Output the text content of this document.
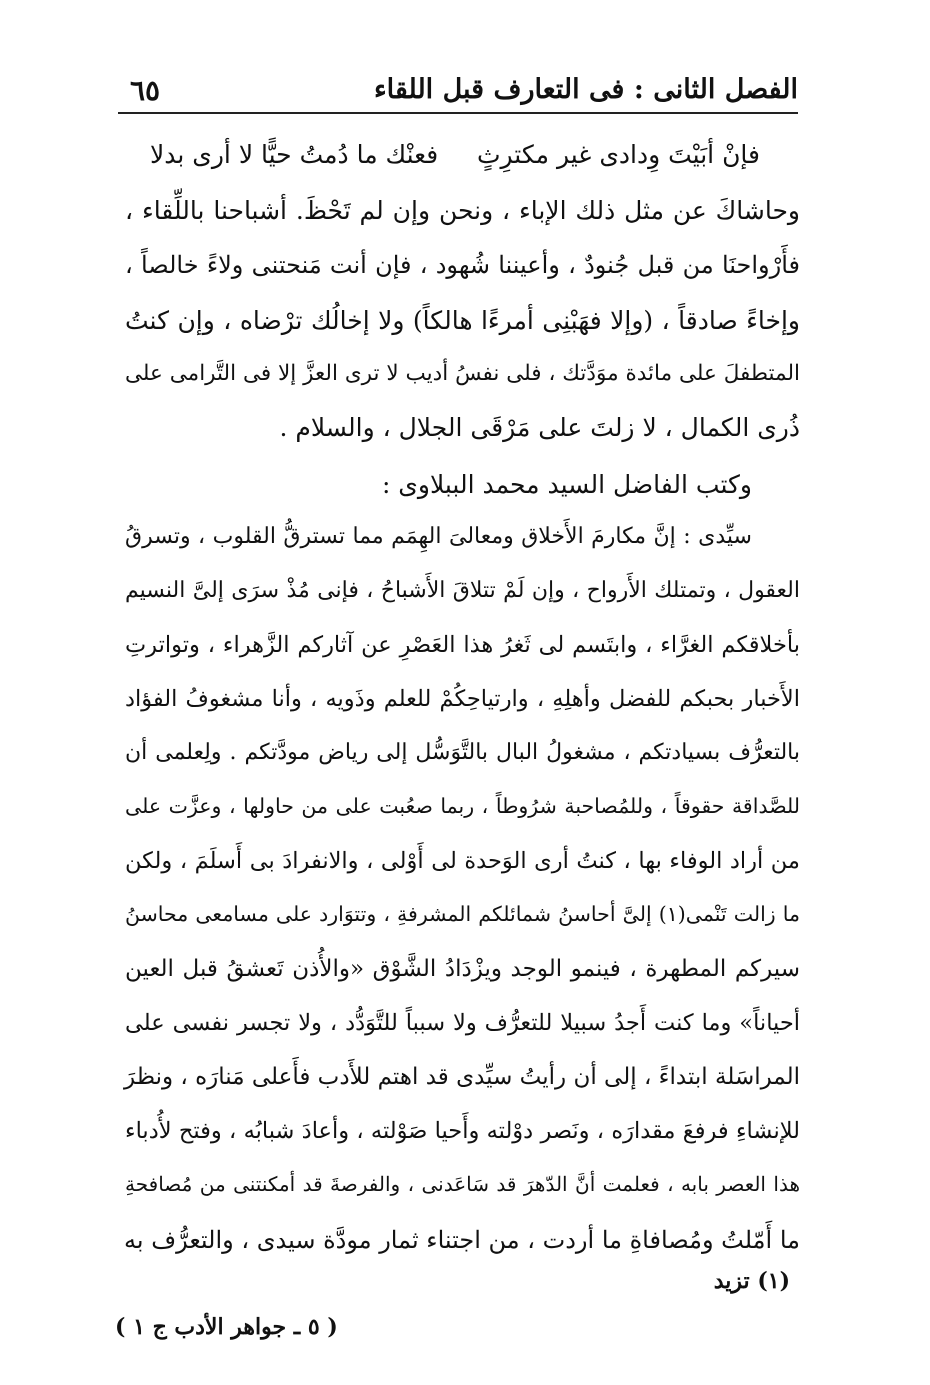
الفصل الثانى : فى التعارف قبل اللقاء
٦٥
فإنْ أبَيْتَ وِدادى غير مكترِثٍ
فعنْك ما دُمتُ حيًّا لا أرى بدلا
وحاشاكَ عن مثل ذلك الإباء ، ونحن وإن لم تَحْظَ. أشباحنا باللِّقاء ،
فأَرْواحنَا من قبل جُنودٌ ، وأعيننا شُهود ، فإن أنت مَنحتنى ولاءً خالصاً ،
وإخاءً صادقاً ، (وإلا فهَبْنِى أمرءًا هالكاً) ولا إخالُك ترْضاه ، وإن كنتُ
المتطفلَ على مائدة موَدَّتك ، فلى نفسُ أديب لا ترى العزَّ إلا فى التَّرامى على
ذُرى الكمال ، لا زلتَ على مَرْقَى الجلال ، والسلام .
وكتب الفاضل السيد محمد الببلاوى :
سيِّدى : إنَّ مكارمَ الأَخلاق ومعالىَ الهِمَم مما تسترقُّ القلوب ، وتسرقُ
العقول ، وتمتلك الأَرواح ، وإن لَمْ تتلاقَ الأَشباحُ ، فإنى مُذْ سرَى إلىَّ النسيم
بأخلاقكم الغرَّاء ، وابتَسم لى ثَغرُ هذا العَصْرِ عن آثاركم الزَّهراء ، وتواترتِ
الأَخبار بحبكم للفضل وأهلِهِ ، وارتياحِكُمْ للعلم وذَويه ، وأنا مشغوفُ الفؤاد
بالتعرُّف بسيادتكم ، مشغولُ البال بالتَّوَسُّل إلى رياض مودَّتكم . ولِعلمى أن
للصَّداقة حقوقاً ، وللمُصاحبة شرُوطاً ، ربما صعُبت على من حاولها ، وعزَّت على
من أراد الوفاء بها ، كنتُ أرى الوَحدة لى أَوْلى ، والانفرادَ بى أَسلَمَ ، ولكن
ما زالت تَنْمى(١) إلىَّ أحاسنُ شمائلكم المشرفةِ ، وتتوَارد على مسامعى محاسنُ
سيركم المطهرة ، فينمو الوجد ويزْدَادُ الشَّوْق «والأُذن تَعشقُ قبل العين
أحياناً» وما كنت أَجدُ سبيلا للتعرُّف ولا سبباً للتَّوَدُّد ، ولا تجسر نفسى على
المراسَلة ابتداءً ، إلى أن رأيتُ سيِّدى قد اهتم للأَدب فأَعلى مَنارَه ، ونظرَ
للإنشاءِ فرفعَ مقدارَه ، ونَصر دوْلته وأَحيا صَوْلته ، وأعادَ شبابُه ، وفتح لأُدباء
هذا العصر بابه ، فعلمت أنَّ الدّهرَ قد سَاعَدنى ، والفرصةَ قد أمكنتنى من مُصافحةِ
ما أَمّلتُ ومُصافاةِ ما أردت ، من اجتناء ثمار مودَّة سيدى ، والتعرُّف به
(١) تزيد
( ٥ ـ جواهر الأدب ج ١ )
